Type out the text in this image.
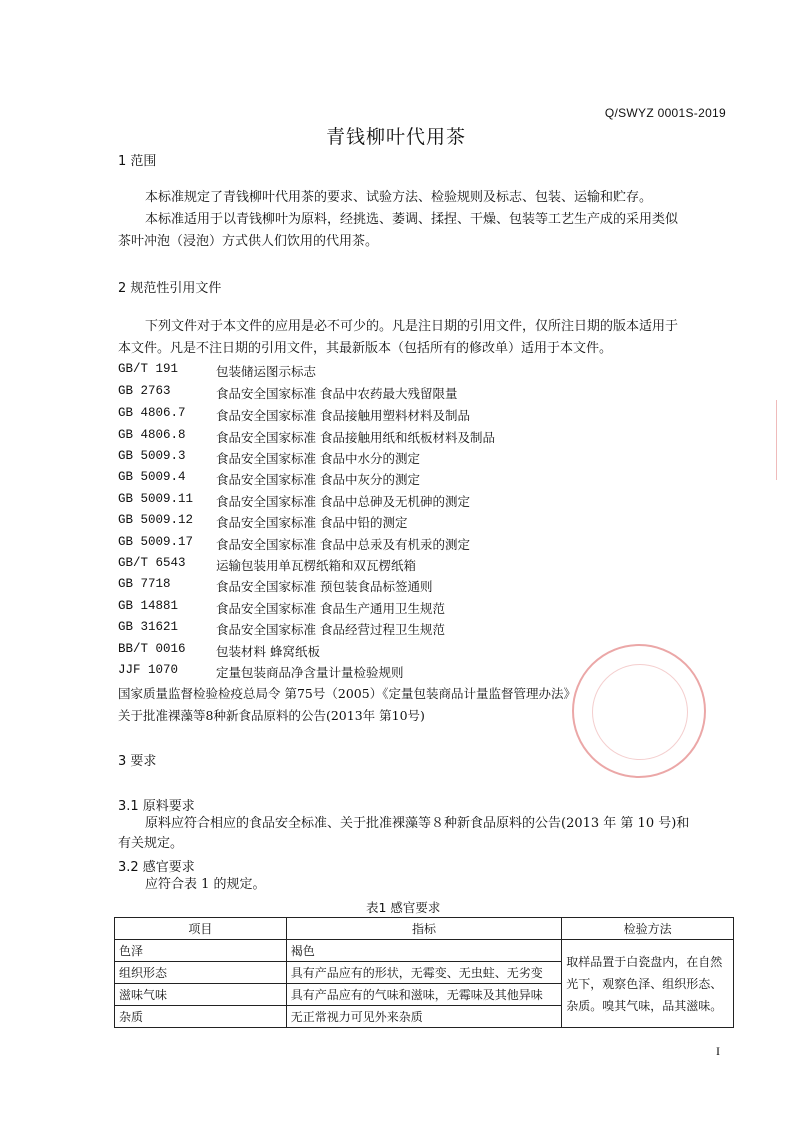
Q/SWYZ 0001S-2019
青钱柳叶代用茶
1 范围
本标准规定了青钱柳叶代用茶的要求、试验方法、检验规则及标志、包装、运输和贮存。
本标准适用于以青钱柳叶为原料，经挑选、萎调、揉捏、干燥、包装等工艺生产成的采用类似
茶叶冲泡（浸泡）方式供人们饮用的代用茶。
2 规范性引用文件
下列文件对于本文件的应用是必不可少的。凡是注日期的引用文件，仅所注日期的版本适用于
本文件。凡是不注日期的引用文件，其最新版本（包括所有的修改单）适用于本文件。
GB/T 191	包装储运图示标志
GB 2763	食品安全国家标准 食品中农药最大残留限量
GB 4806.7 食品安全国家标准 食品接触用塑料材料及制品
GB 4806.8 食品安全国家标准 食品接触用纸和纸板材料及制品
GB 5009.3 食品安全国家标准 食品中水分的测定
GB 5009.4 食品安全国家标准 食品中灰分的测定
GB 5009.11 食品安全国家标准 食品中总砷及无机砷的测定
GB 5009.12 食品安全国家标准 食品中铅的测定
GB 5009.17 食品安全国家标准 食品中总汞及有机汞的测定
GB/T 6543 运输包装用单瓦楞纸箱和双瓦楞纸箱
GB 7718	食品安全国家标准 预包装食品标签通则
GB 14881	食品安全国家标准 食品生产通用卫生规范
GB 31621	食品安全国家标准 食品经营过程卫生规范
BB/T 0016 包装材料 蜂窝纸板
JJF 1070	定量包装商品净含量计量检验规则
国家质量监督检验检疫总局令 第75号（2005）《定量包装商品计量监督管理办法》
关于批准裸藻等8种新食品原料的公告(2013年 第10号)
3 要求
3.1 原料要求
原料应符合相应的食品安全标准、关于批准裸藻等８种新食品原料的公告(2013 年 第 10 号)和
有关规定。
3.2 感官要求
应符合表 1 的规定。
表1 感官要求
项目	指标	检验方法
色泽	褐色	取样品置于白瓷盘内，在自然光下，观察色泽、组织形态、杂质。嗅其气味，品其滋味。
组织形态	具有产品应有的形状，无霉变、无虫蛀、无劣变	
滋味气味	具有产品应有的气味和滋味，无霉味及其他异味	
杂质	无正常视力可见外来杂质	
I
